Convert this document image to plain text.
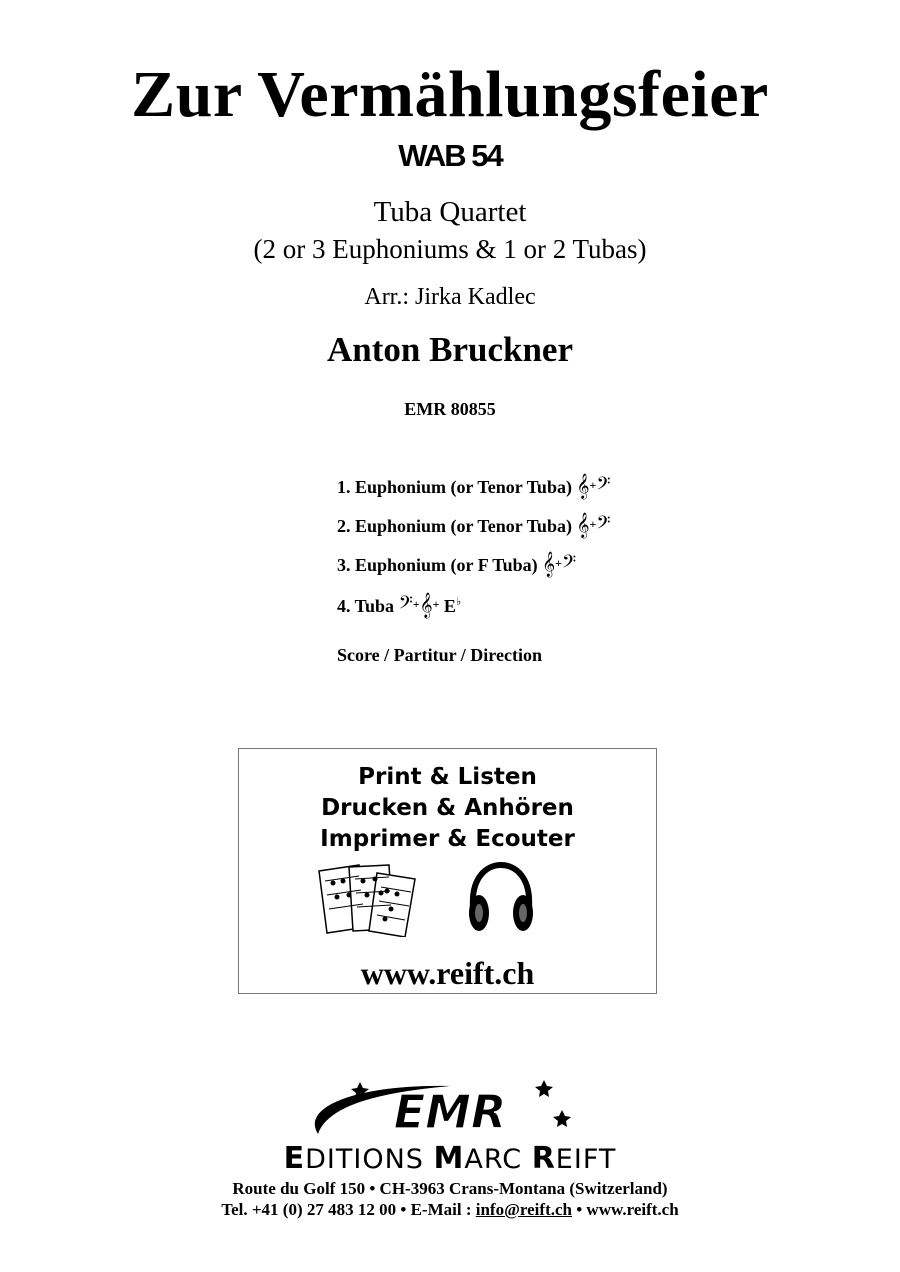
Zur Vermählungsfeier
WAB 54
Tuba Quartet
(2 or 3 Euphoniums & 1 or 2 Tubas)
Arr.: Jirka Kadlec
Anton Bruckner
EMR 80855
1. Euphonium (or Tenor Tuba) 𝄞+𝄢
2. Euphonium (or Tenor Tuba) 𝄞+𝄢
3. Euphonium (or F Tuba) 𝄞+𝄢
4. Tuba 𝄢+𝄞+ E♭
Score / Partitur / Direction
Print & Listen
Drucken & Anhören
Imprimer & Ecouter
www.reift.ch
EMR
EDITIONS MARC REIFT
Route du Golf 150 • CH-3963 Crans-Montana (Switzerland)
Tel. +41 (0) 27 483 12 00 • E-Mail : info@reift.ch • www.reift.ch
